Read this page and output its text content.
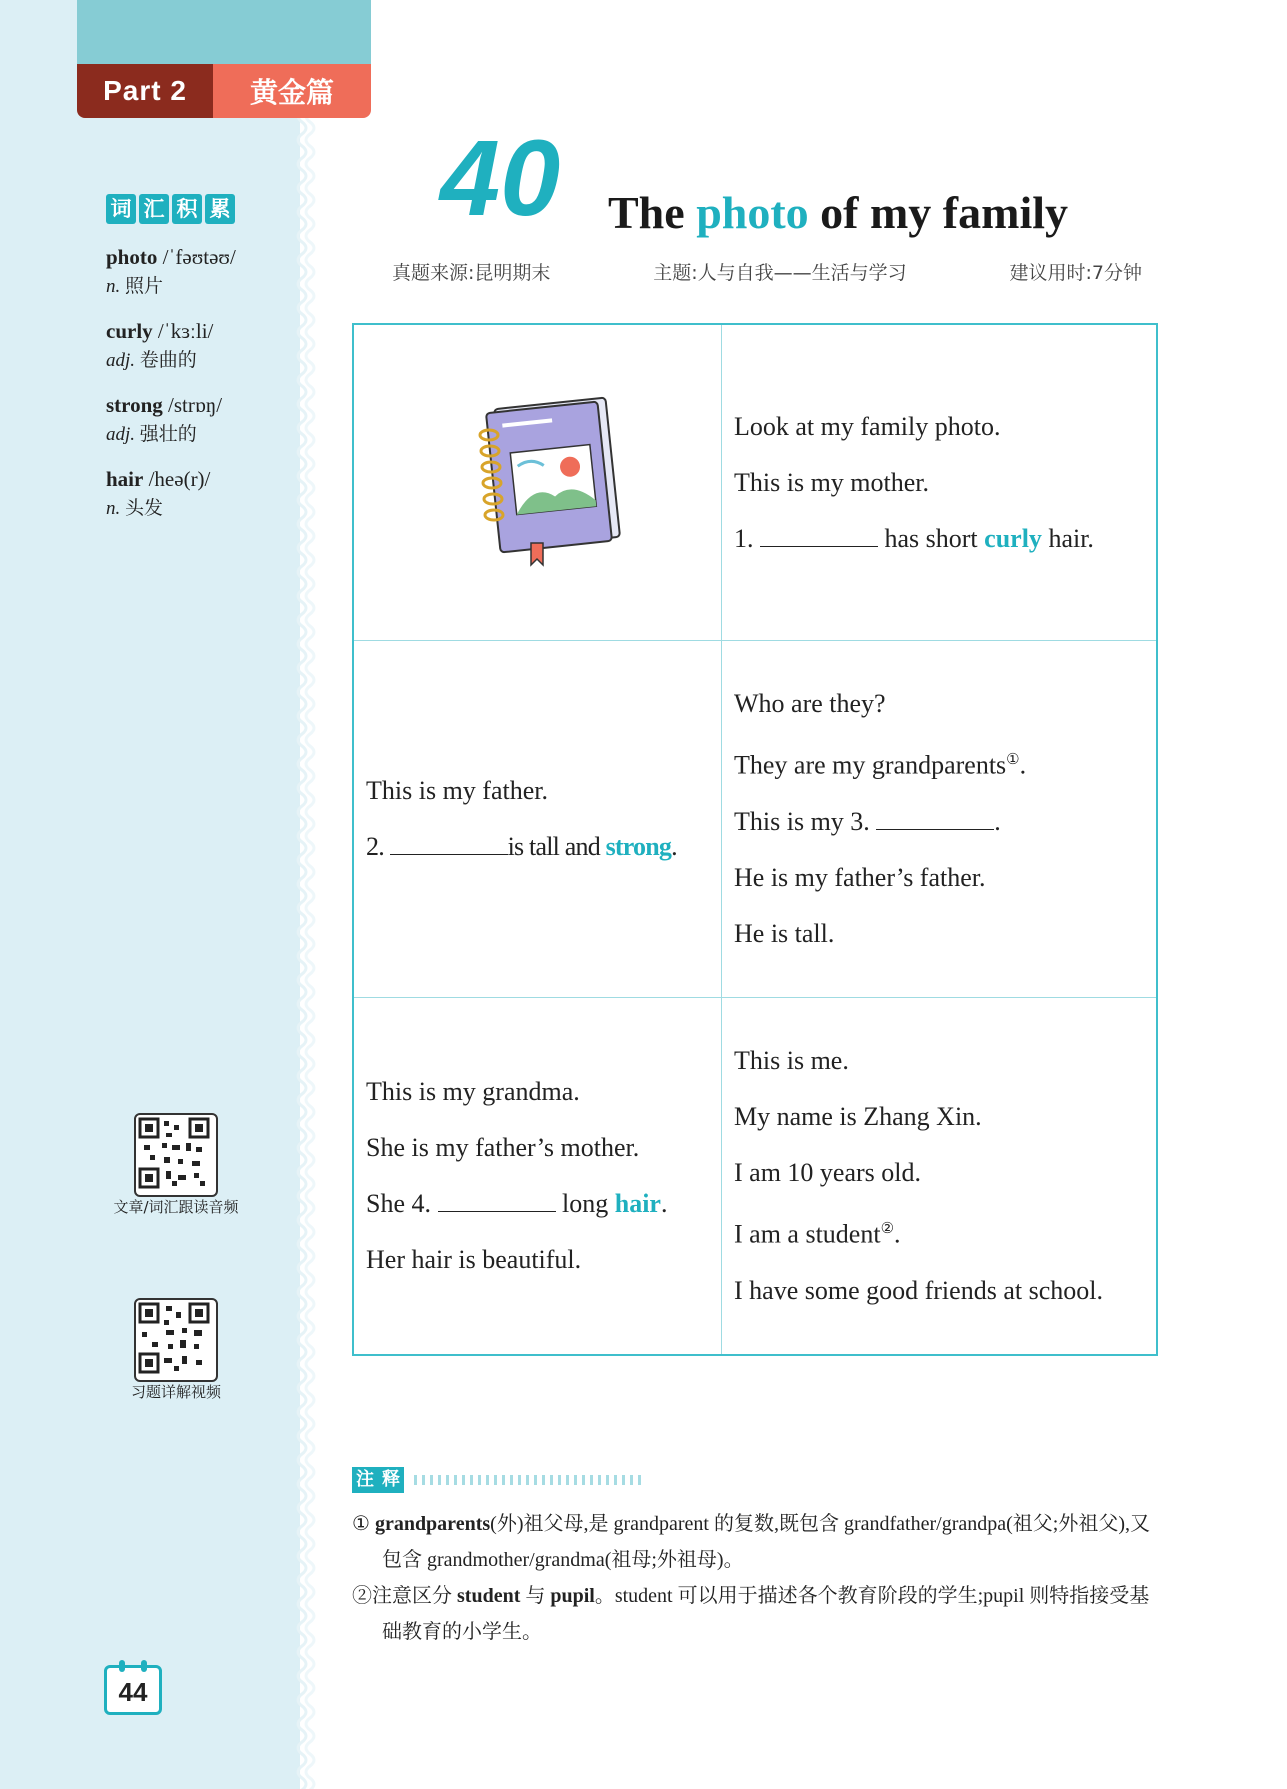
Part 2	黄金篇
词 汇 积 累
photo /ˈfəʊtəʊ/
n. 照片
curly /ˈkɜːli/
adj. 卷曲的
strong /strɒŋ/
adj. 强壮的
hair /heə(r)/
n. 头发
文章/词汇跟读音频
习题详解视频
44
40 The photo of my family
真题来源:昆明期末	主题:人与自我——生活与学习	建议用时:7分钟

Look at my family photo.

This is my mother.

1.	has short curly hair.

This is my father.

2.	is tall and strong.

Who are they?

They are my grandparents①.

This is my 3.	.

He is my father’s father.

He is tall.

This is my grandma.

She is my father’s mother.

She 4.	long hair.

Her hair is beautiful.

This is me.

My name is Zhang Xin.

I am 10 years old.

I am a student②.

I have some good friends at school.

注 释

① grandparents(外)祖父母,是 grandparent 的复数,既包含 grandfather/grandpa(祖父;外祖父),又包含 grandmother/grandma(祖母;外祖母)。

②注意区分 student 与 pupil。student 可以用于描述各个教育阶段的学生;pupil 则特指接受基础教育的小学生。
